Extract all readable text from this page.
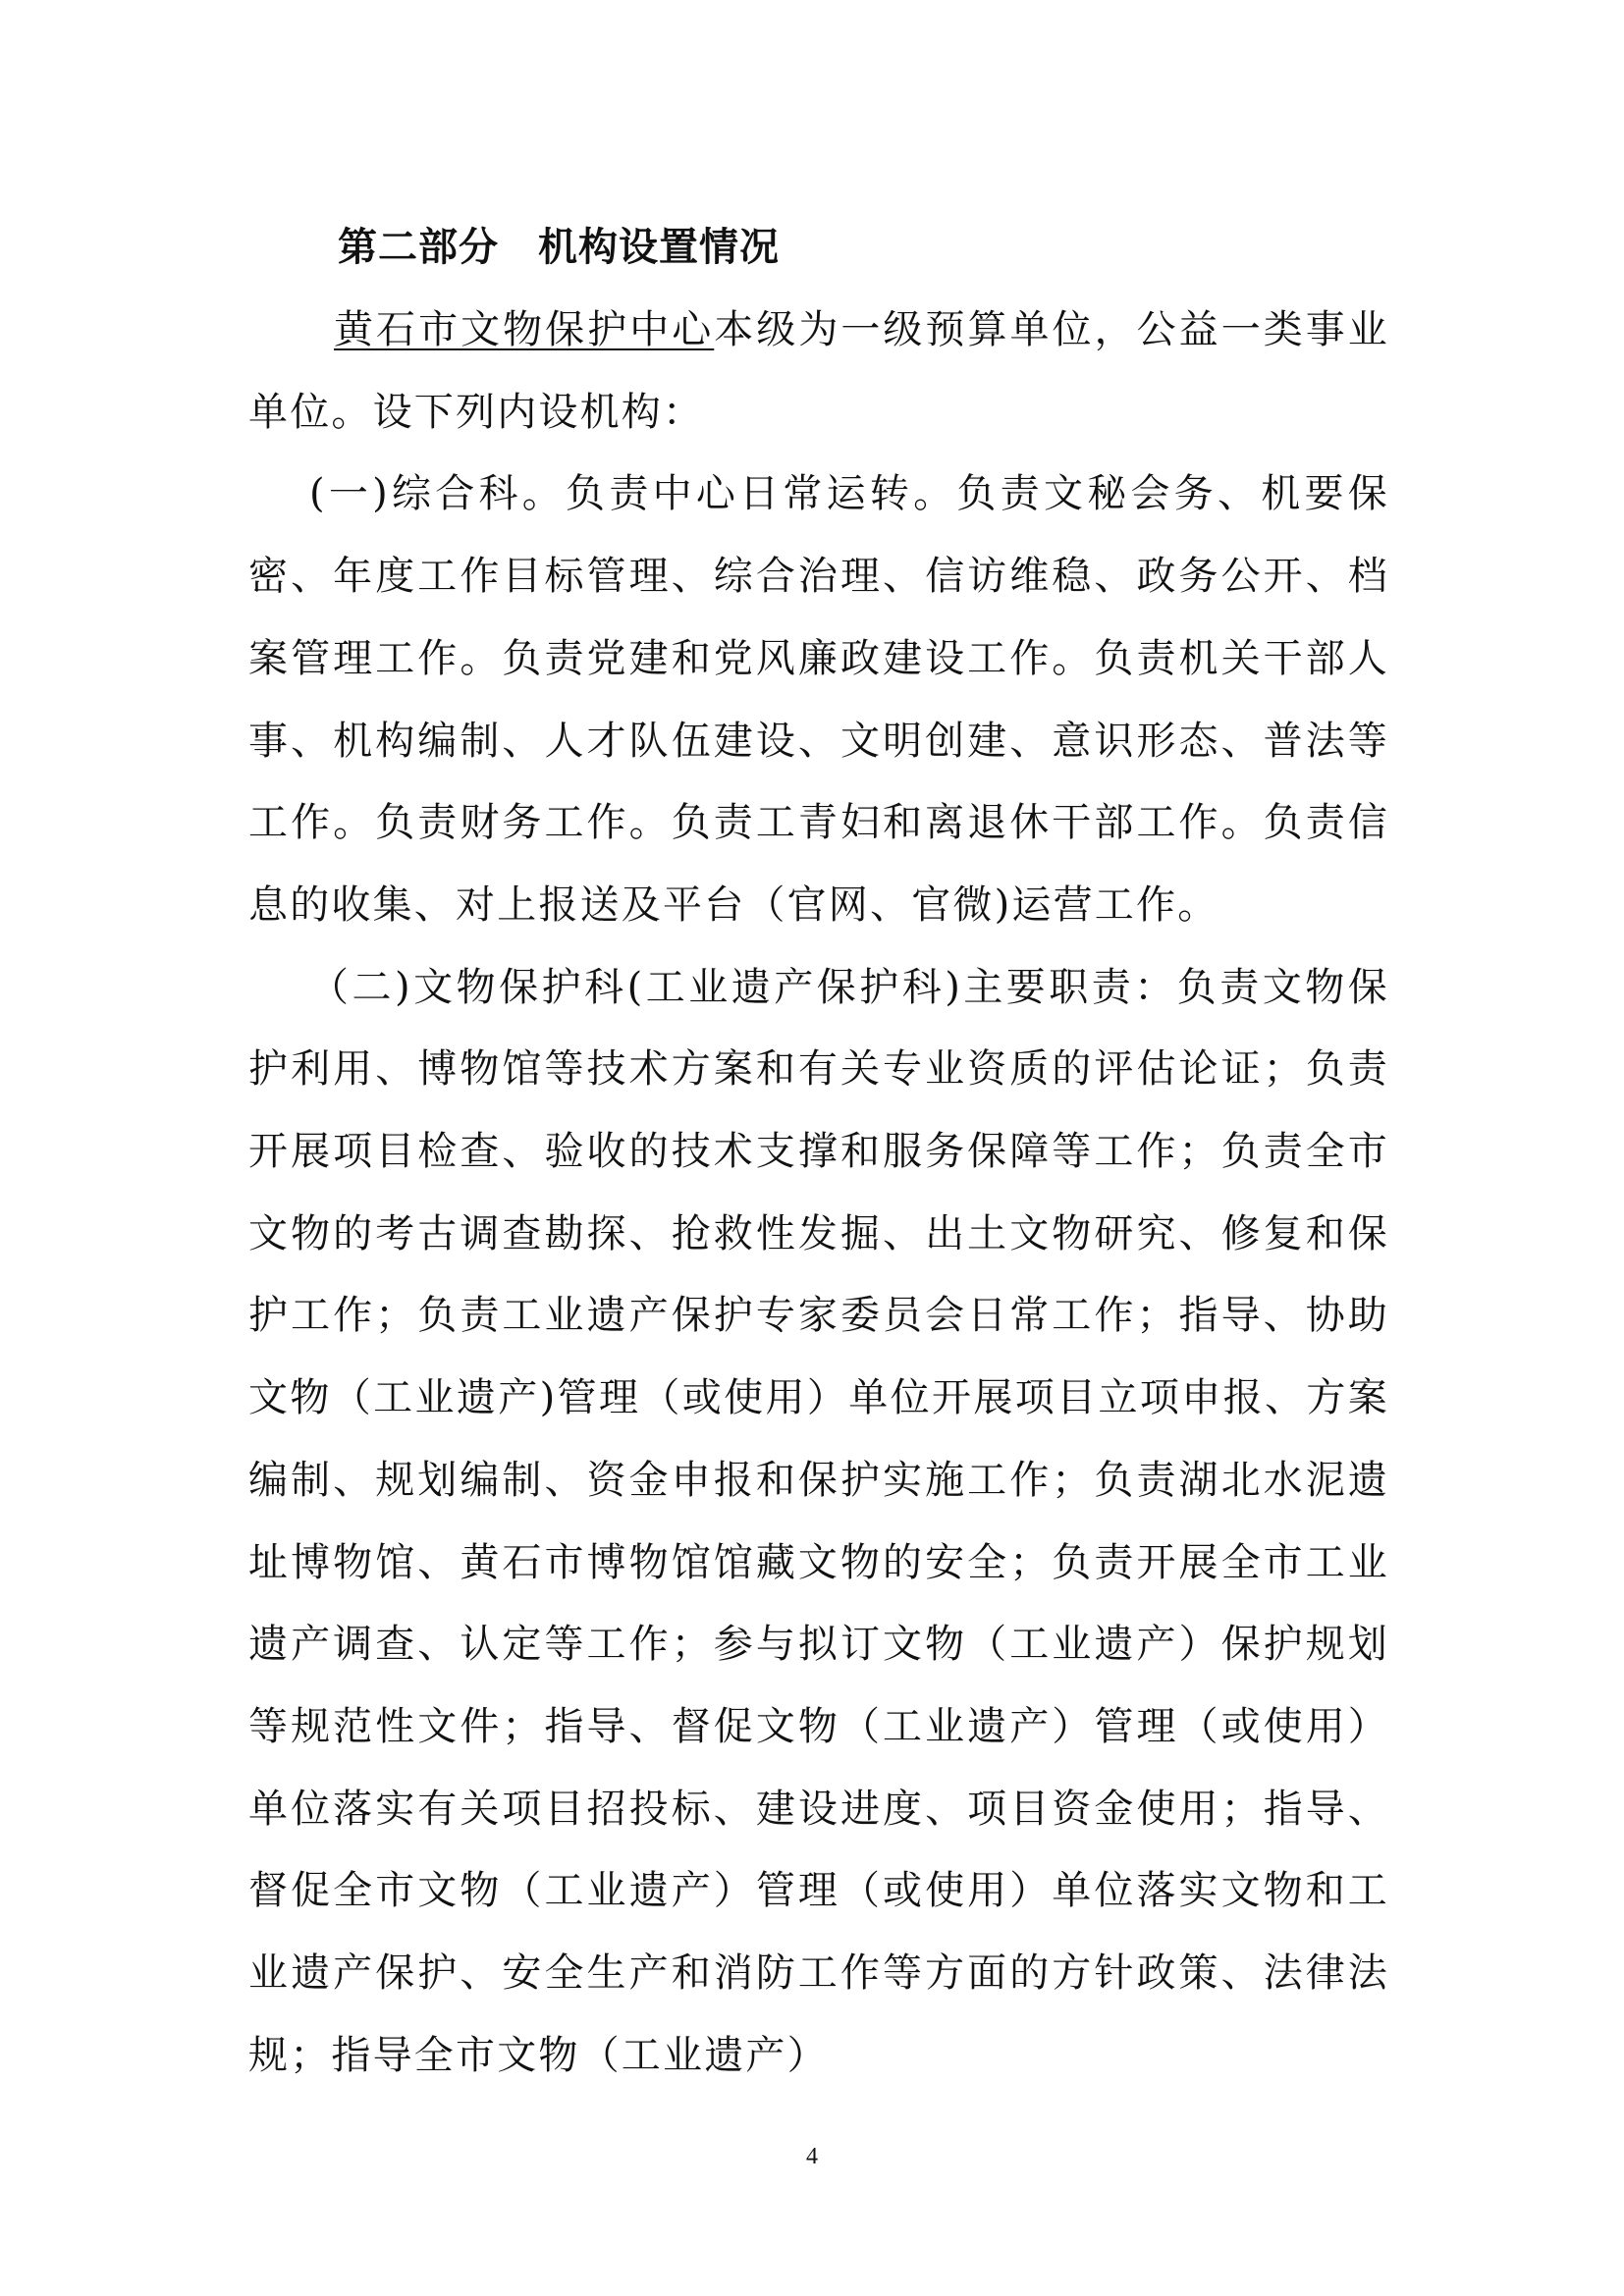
第二部分 机构设置情况

黄石市文物保护中心本级为一级预算单位，公益一类事业单位。设下列内设机构：

(一)综合科。负责中心日常运转。负责文秘会务、机要保密、年度工作目标管理、综合治理、信访维稳、政务公开、档案管理工作。负责党建和党风廉政建设工作。负责机关干部人事、机构编制、人才队伍建设、文明创建、意识形态、普法等工作。负责财务工作。负责工青妇和离退休干部工作。负责信息的收集、对上报送及平台（官网、官微)运营工作。

（二)文物保护科(工业遗产保护科)主要职责：负责文物保护利用、博物馆等技术方案和有关专业资质的评估论证；负责开展项目检查、验收的技术支撑和服务保障等工作；负责全市文物的考古调查勘探、抢救性发掘、出土文物研究、修复和保护工作；负责工业遗产保护专家委员会日常工作；指导、协助文物（工业遗产)管理（或使用）单位开展项目立项申报、方案编制、规划编制、资金申报和保护实施工作；负责湖北水泥遗址博物馆、黄石市博物馆馆藏文物的安全；负责开展全市工业遗产调查、认定等工作；参与拟订文物（工业遗产）保护规划等规范性文件；指导、督促文物（工业遗产）管理（或使用）单位落实有关项目招投标、建设进度、项目资金使用；指导、督促全市文物（工业遗产）管理（或使用）单位落实文物和工业遗产保护、安全生产和消防工作等方面的方针政策、法律法规；指导全市文物（工业遗产）

4
